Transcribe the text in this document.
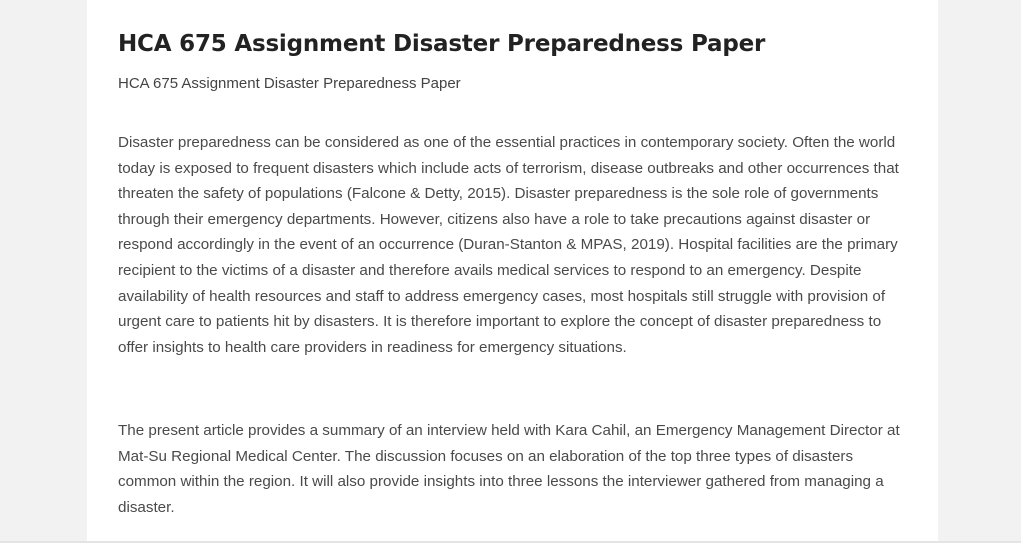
HCA 675 Assignment Disaster Preparedness Paper

HCA 675 Assignment Disaster Preparedness Paper

Disaster preparedness can be considered as one of the essential practices in contemporary society. Often the world today is exposed to frequent disasters which include acts of terrorism, disease outbreaks and other occurrences that threaten the safety of populations (Falcone & Detty, 2015). Disaster preparedness is the sole role of governments through their emergency departments. However, citizens also have a role to take precautions against disaster or respond accordingly in the event of an occurrence (Duran-Stanton & MPAS, 2019). Hospital facilities are the primary recipient to the victims of a disaster and therefore avails medical services to respond to an emergency. Despite availability of health resources and staff to address emergency cases, most hospitals still struggle with provision of urgent care to patients hit by disasters. It is therefore important to explore the concept of disaster preparedness to offer insights to health care providers in readiness for emergency situations.

The present article provides a summary of an interview held with Kara Cahil, an Emergency Management Director at Mat-Su Regional Medical Center. The discussion focuses on an elaboration of the top three types of disasters common within the region. It will also provide insights into three lessons the interviewer gathered from managing a disaster.
